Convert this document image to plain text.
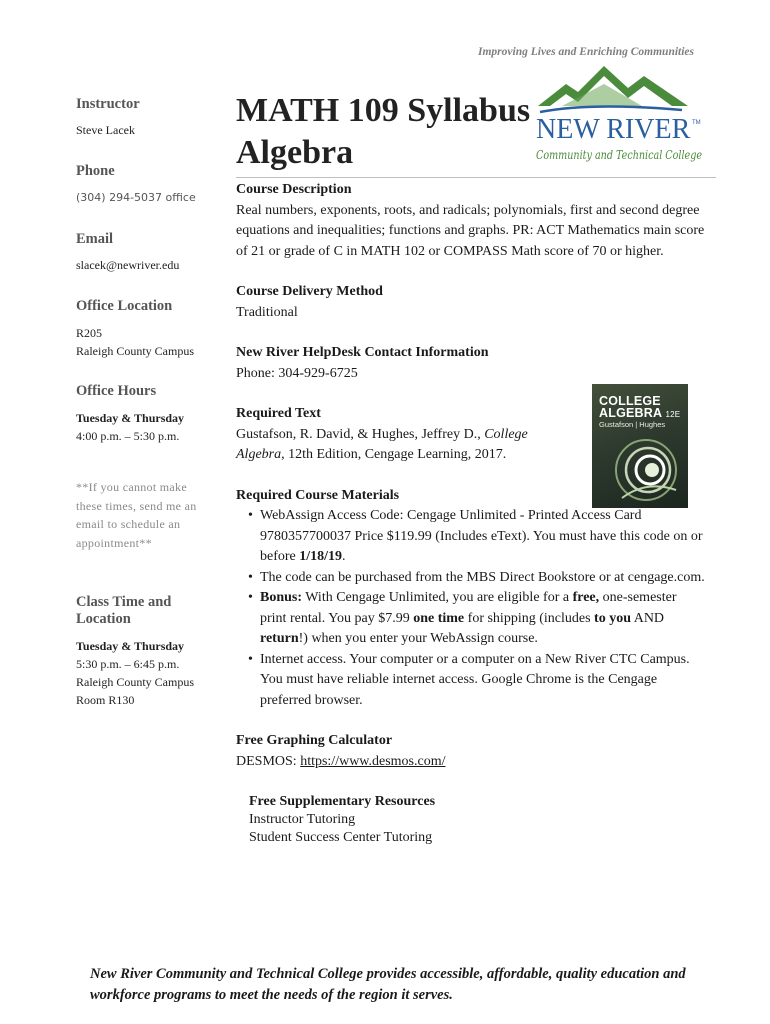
Improving Lives and Enriching Communities
Instructor
Steve Lacek
Phone
(304) 294-5037 office
Email
slacek@newriver.edu
Office Location
R205
Raleigh County Campus
Office Hours
Tuesday & Thursday
4:00 p.m. – 5:30 p.m.
**If you cannot make
these times, send me an
email to schedule an
appointment**
Class Time and
Location
Tuesday & Thursday
5:30 p.m. – 6:45 p.m.
Raleigh County Campus
Room R130
MATH 109 Syllabus
Algebra
NEW RIVER TM
Community and Technical College
Course Description
Real numbers, exponents, roots, and radicals; polynomials, first and second degree equations and inequalities; functions and graphs. PR: ACT Mathematics main score of 21 or grade of C in MATH 102 or COMPASS Math score of 70 or higher.
Course Delivery Method
Traditional
New River HelpDesk Contact Information
Phone: 304-929-6725
Required Text
Gustafson, R. David, & Hughes, Jeffrey D., College Algebra, 12th Edition, Cengage Learning, 2017.
Required Course Materials
• WebAssign Access Code: Cengage Unlimited - Printed Access Card 9780357700037 Price $119.99 (Includes eText). You must have this code on or before 1/18/19.
• The code can be purchased from the MBS Direct Bookstore or at cengage.com.
• Bonus: With Cengage Unlimited, you are eligible for a free, one-semester print rental. You pay $7.99 one time for shipping (includes to you AND return!) when you enter your WebAssign course.
• Internet access. Your computer or a computer on a New River CTC Campus. You must have reliable internet access. Google Chrome is the Cengage preferred browser.
Free Graphing Calculator
DESMOS: https://www.desmos.com/
Free Supplementary Resources
Instructor Tutoring
Student Success Center Tutoring
COLLEGE
ALGEBRA 12E
Gustafson | Hughes
New River Community and Technical College provides accessible, affordable, quality education and workforce programs to meet the needs of the region it serves.
